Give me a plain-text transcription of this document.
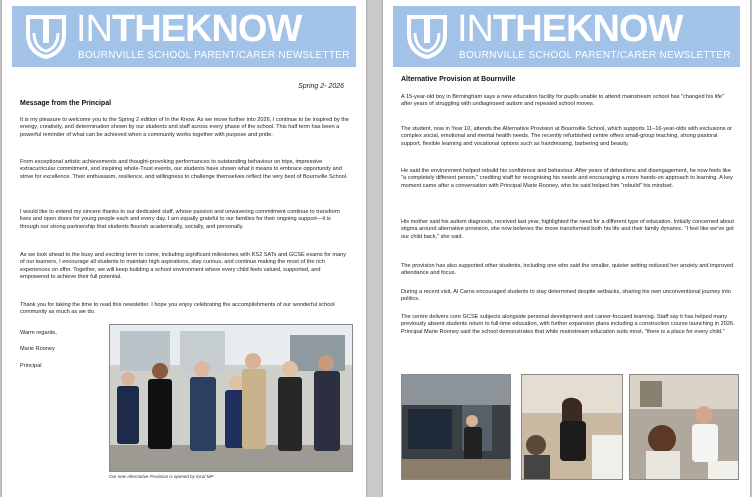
INTHEKNOW
BOURNVILLE SCHOOL PARENT/CARER NEWSLETTER
Spring 2- 2026
Message from the Principal
It is my pleasure to welcome you to the Spring 2 edition of In the Know. As we move further into 2026, I continue to be inspired by the energy, creativity, and determination shown by our students and staff across every phase of the school. This half term has been a powerful reminder of what can be achieved when a community works together with purpose and pride.
From exceptional artistic achievements and thought-provoking performances to outstanding behaviour on trips, impressive extracurricular commitment, and inspiring whole-Trust events, our students have shown what it means to embrace opportunity and strive for excellence. Their enthusiasm, resilience, and willingness to challenge themselves reflect the very best of Bournville School.
I would like to extend my sincere thanks to our dedicated staff, whose passion and unwavering commitment continue to transform lives and open doors for young people each and every day. I am equally grateful to our families for their ongoing support—it is through our strong partnership that students flourish academically, socially, and personally.
As we look ahead to the busy and exciting term to come, including significant milestones with KS2 SATs and GCSE exams for many of our learners, I encourage all students to maintain high aspirations, stay curious, and continue making the most of the rich experiences on offer. Together, we will keep building a school environment where every child feels valued, supported, and empowered to achieve their full potential.
Thank you for taking the time to read this newsletter. I hope you enjoy celebrating the accomplishments of our wonderful school community as much as we do.
Warm regards,
Marie Rooney
Principal
Our new Alternative Provision is opened by local MP
INTHEKNOW
BOURNVILLE SCHOOL PARENT/CARER NEWSLETTER
Alternative Provision at Bournville
A 15-year-old boy in Birmingham says a new education facility for pupils unable to attend mainstream school has "changed his life" after years of struggling with undiagnosed autism and repeated school moves.
The student, now in Year 10, attends the Alternative Provision at Bournville School, which supports 11–16-year-olds with exclusions or complex social, emotional and mental health needs. The recently refurbished centre offers small-group teaching, strong pastoral support, flexible learning and vocational options such as hairdressing, barbering and beauty.
He said the environment helped rebuild his confidence and behaviour. After years of detentions and disengagement, he now feels like "a completely different person," crediting staff for recognising his needs and encouraging a more hands-on approach to learning. A key moment came after a conversation with Principal Marie Rooney, who he said helped him "rebuild" his mindset.
His mother said his autism diagnosis, received last year, highlighted the need for a different type of education. Initially concerned about stigma around alternative provision, she now believes the move transformed both his life and their family dynamic. "I feel like we've got our child back," she said.
The provision has also supported other students, including one who said the smaller, quieter setting reduced her anxiety and improved attendance and focus.
During a recent visit, Al Carns encouraged students to stay determined despite setbacks, sharing his own unconventional journey into politics.
The centre delivers core GCSE subjects alongside personal development and career-focused learning. Staff say it has helped many previously absent students return to full-time education, with further expansion plans including a construction course launching in 2026. Principal Marie Rooney said the school demonstrates that while mainstream education suits most, "there is a place for every child."
